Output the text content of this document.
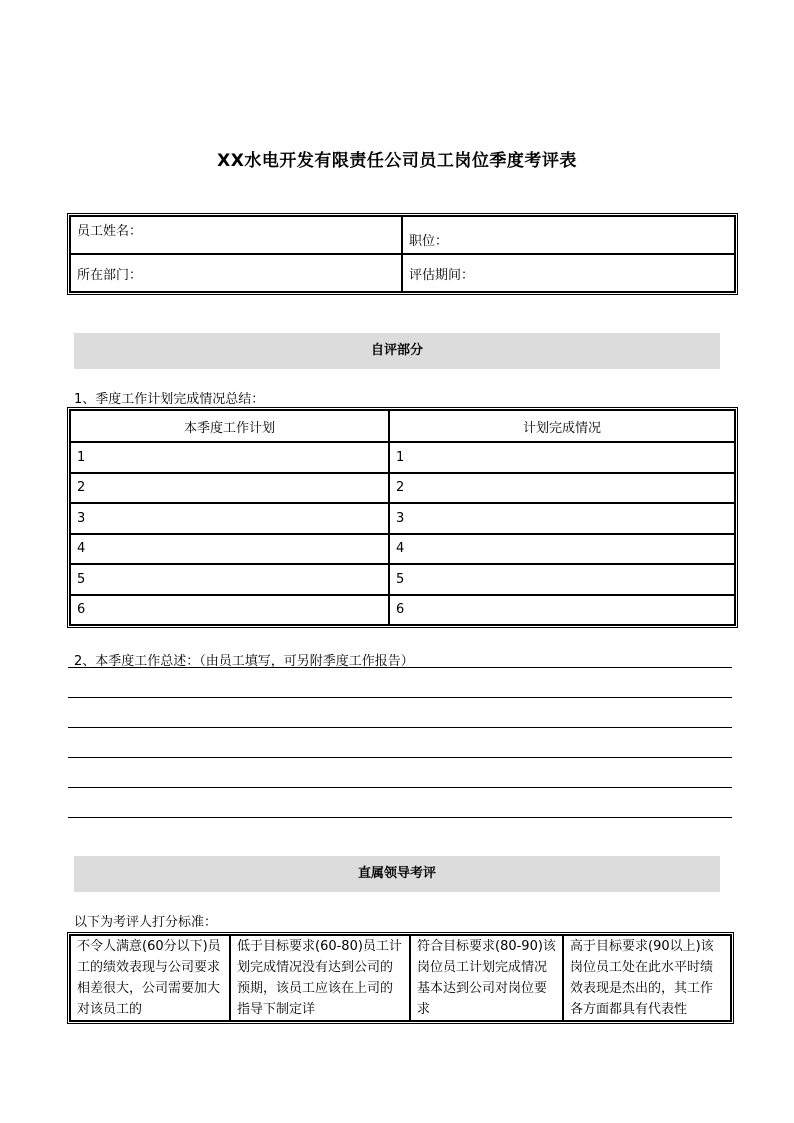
XX水电开发有限责任公司员工岗位季度考评表
员工姓名：	职位：
所在部门：	评估期间：
自评部分
1、季度工作计划完成情况总结：
本季度工作计划	计划完成情况
1	1
2	2
3	3
4	4
5	5
6	6
2、本季度工作总述：（由员工填写，可另附季度工作报告）
直属领导考评
以下为考评人打分标准：
不令人满意(60分以下)员工的绩效表现与公司要求相差很大，公司需要加大对该员工的	低于目标要求(60-80)员工计划完成情况没有达到公司的预期，该员工应该在上司的指导下制定详	符合目标要求(80-90)该岗位员工计划完成情况基本达到公司对岗位要求	高于目标要求(90以上)该岗位员工处在此水平时绩效表现是杰出的，其工作各方面都具有代表性
